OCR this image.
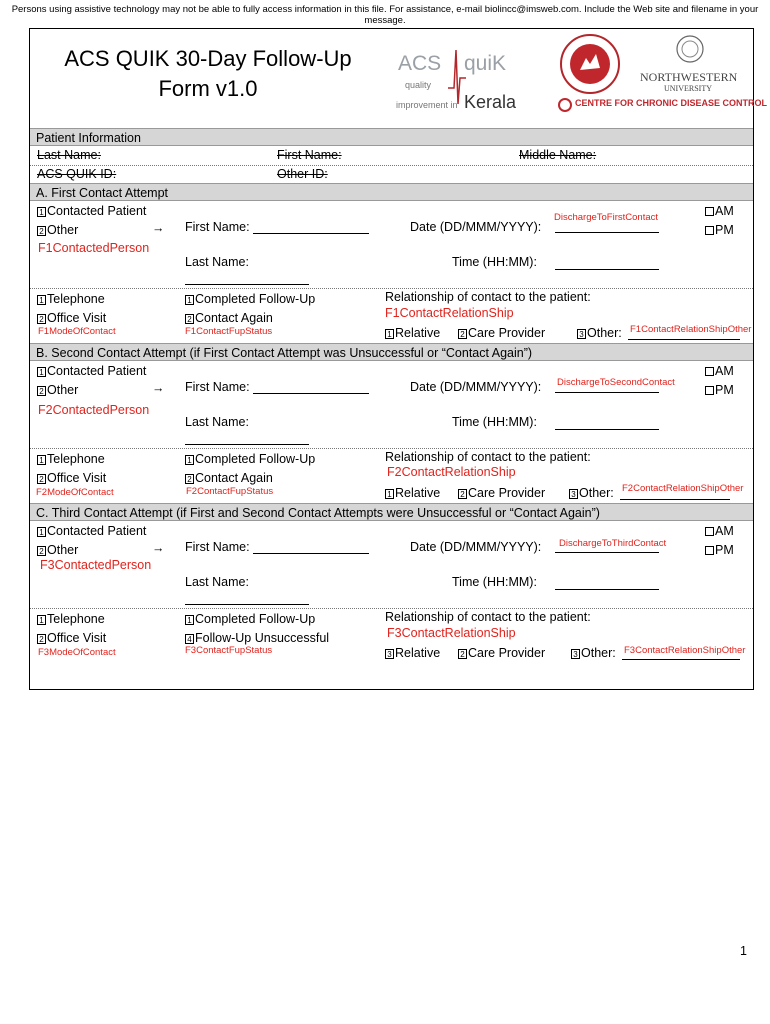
Persons using assistive technology may not be able to fully access information in this file. For assistance, e-mail biolincc@imsweb.com. Include the Web site and filename in your message.
ACS QUIK 30-Day Follow-Up
Form v1.0
ACS quiK
quality
improvement in Kerala
NORTHWESTERN
UNIVERSITY
CENTRE FOR CHRONIC DISEASE CONTROL
Patient Information
Last Name:	First Name:	Middle Name:
ACS QUIK ID:	Other ID:
A. First Contact Attempt
1 Contacted Patient
2 Other	→
F1ContactedPerson
First Name:	Date (DD/MMM/YYYY):
DischargeToFirstContact	AM
PM
Last Name:	Time (HH:MM):
1 Telephone
2 Office Visit
F1ModeOfContact
1 Completed Follow-Up
2 Contact Again
F1ContactFupStatus
Relationship of contact to the patient:
F1ContactRelationShip
1 Relative	2 Care Provider	3 Other: F1ContactRelationShipOther
B. Second Contact Attempt (if First Contact Attempt was Unsuccessful or “Contact Again”)
1 Contacted Patient
2 Other	→
F2ContactedPerson
First Name:	Date (DD/MMM/YYYY): DischargeToSecondContact
AM
PM
Last Name:	Time (HH:MM):
1 Telephone
2 Office Visit
F2ModeOfContact
1 Completed Follow-Up
2 Contact Again
F2ContactFupStatus
Relationship of contact to the patient:
F2ContactRelationShip
1 Relative	2 Care Provider	3 Other: F2ContactRelationShipOther
C. Third Contact Attempt (if First and Second Contact Attempts were Unsuccessful or “Contact Again”)
1 Contacted Patient
2 Other	→
F3ContactedPerson
First Name:	Date (DD/MMM/YYYY): DischargeToThirdContact
AM
PM
Last Name:	Time (HH:MM):
1 Telephone
2 Office Visit
F3ModeOfContact
1 Completed Follow-Up
4 Follow-Up Unsuccessful
F3ContactFupStatus
Relationship of contact to the patient:
F3ContactRelationShip
3 Relative	2 Care Provider	3 Other: F3ContactRelationShipOther
1
